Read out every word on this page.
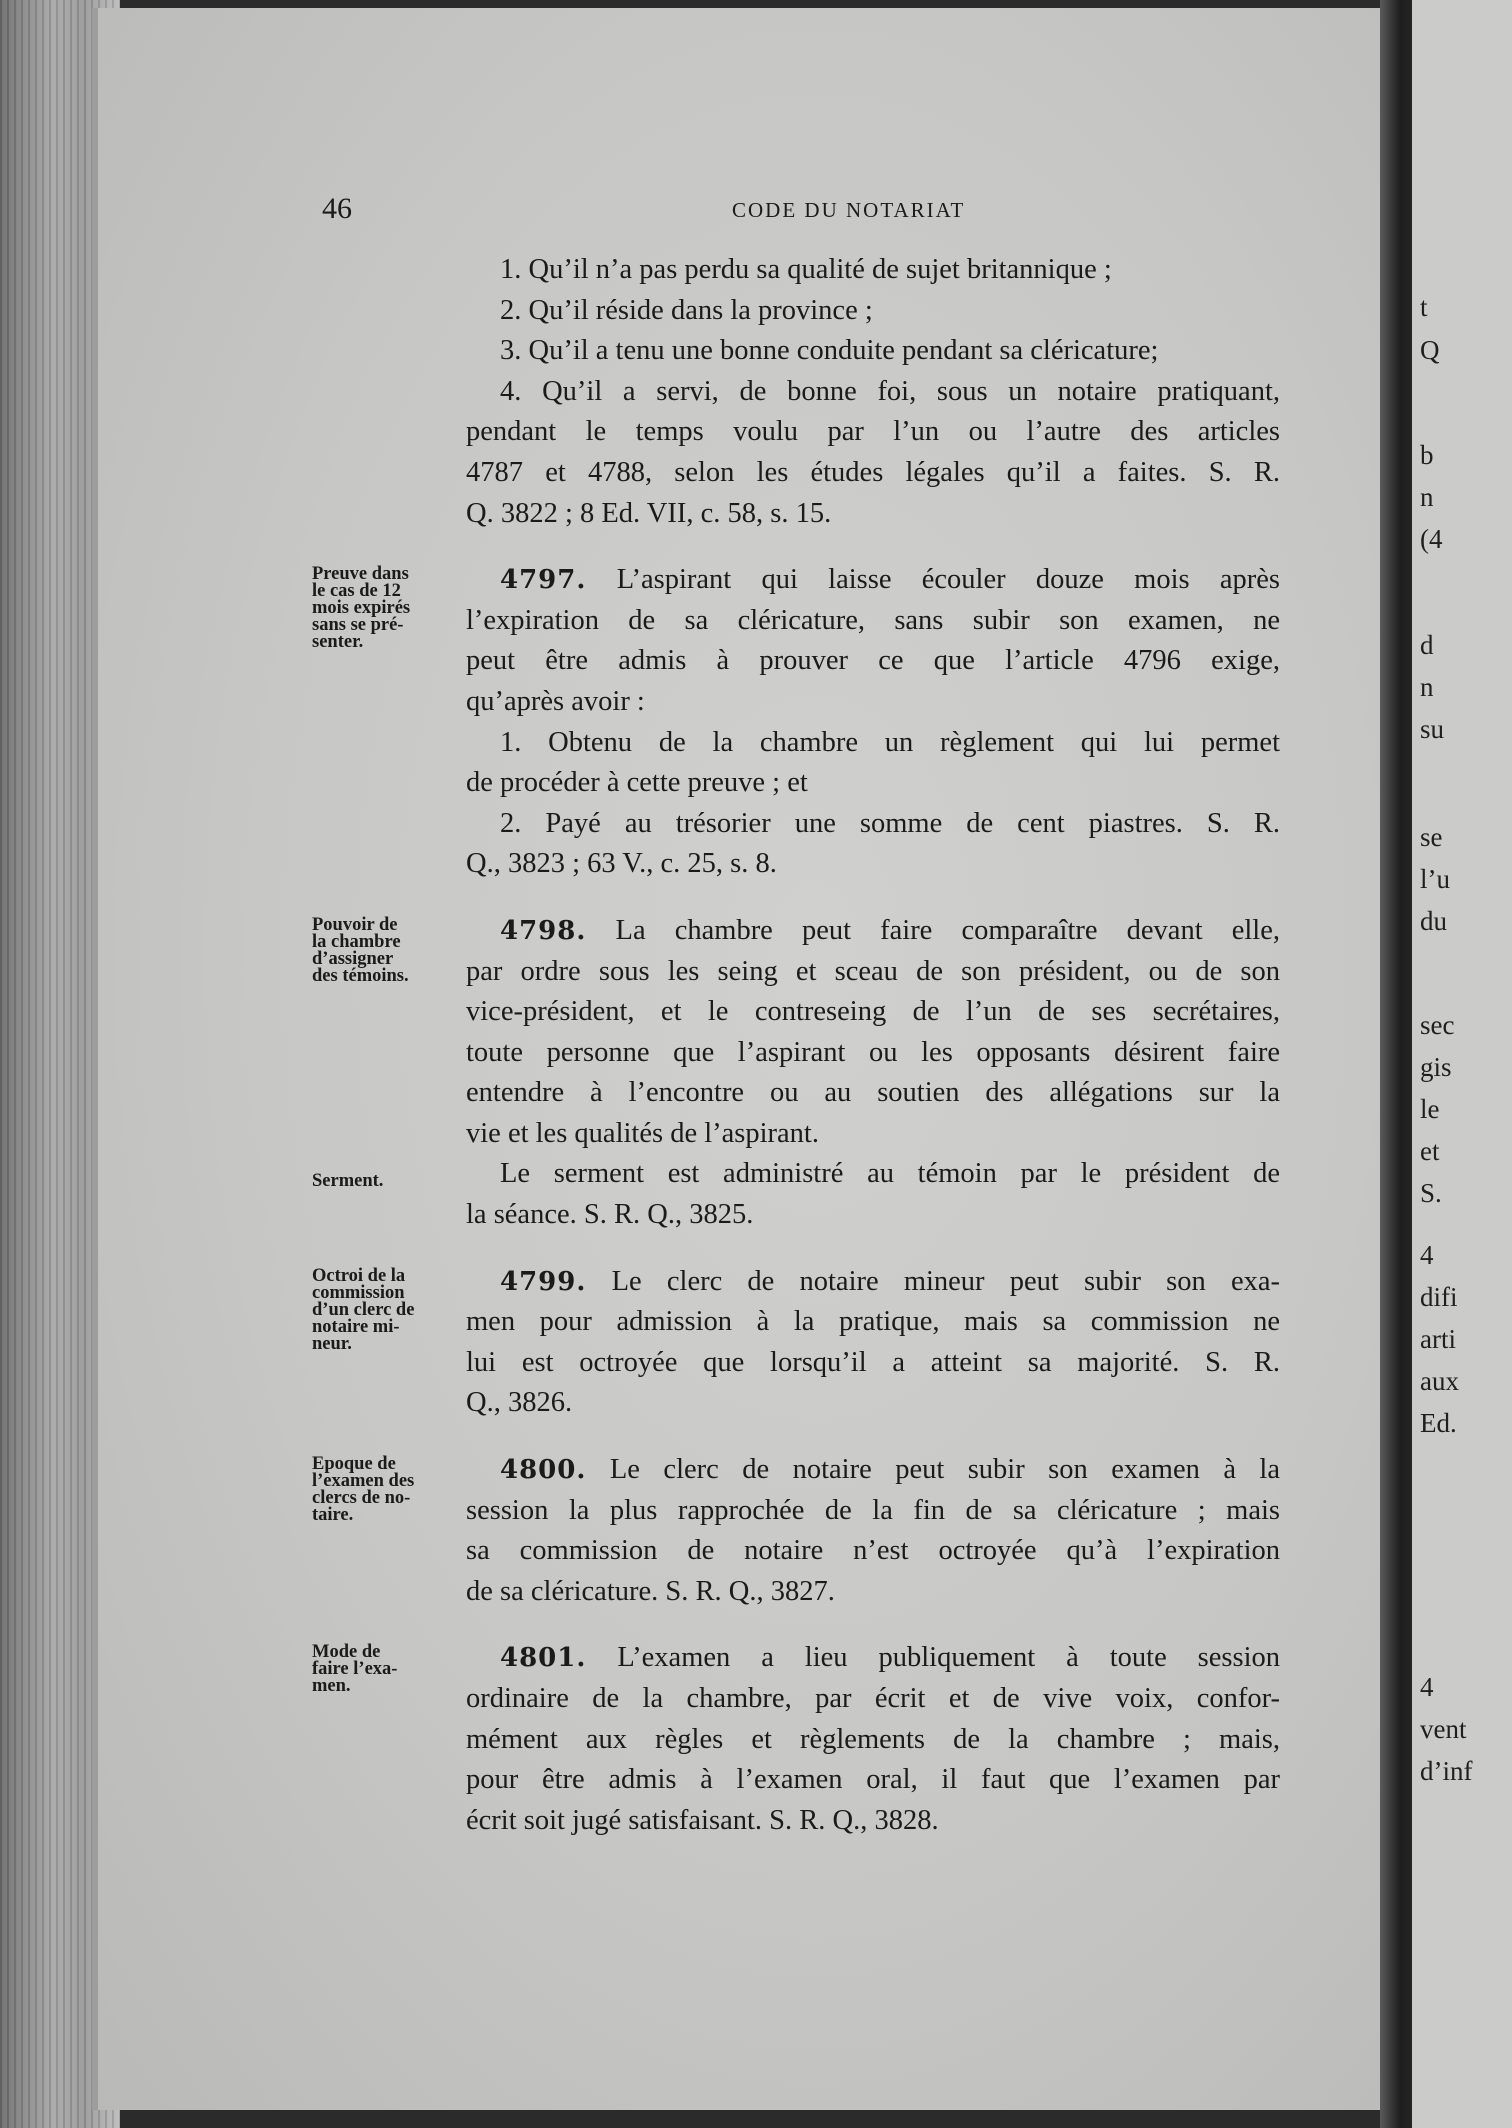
t
Q
b
n
(4
d
n
su
se
l’u
du
sec
gis
le
et
S.
4
difi
arti
aux
Ed.
4
vent
d’inf
46	CODE DU NOTARIAT
1. Qu’il n’a pas perdu sa qualité de sujet britannique ;
2. Qu’il réside dans la province ;
3. Qu’il a tenu une bonne conduite pendant sa cléricature;
4. Qu’il a servi, de bonne foi, sous un notaire pratiquant,
pendant le temps voulu par l’un ou l’autre des articles
4787 et 4788, selon les études légales qu’il a faites. S. R.
Q. 3822 ; 8 Ed. VII, c. 58, s. 15.
Preuve dans
le cas de 12
mois expirés
sans se pré-
senter.
4797. L’aspirant qui laisse écouler douze mois après
l’expiration de sa cléricature, sans subir son examen, ne
peut être admis à prouver ce que l’article 4796 exige,
qu’après avoir :
1. Obtenu de la chambre un règlement qui lui permet
de procéder à cette preuve ; et
2. Payé au trésorier une somme de cent piastres. S. R.
Q., 3823 ; 63 V., c. 25, s. 8.
Pouvoir de
la chambre
d’assigner
des témoins.
4798. La chambre peut faire comparaître devant elle,
par ordre sous les seing et sceau de son président, ou de son
vice-président, et le contreseing de l’un de ses secrétaires,
toute personne que l’aspirant ou les opposants désirent faire
entendre à l’encontre ou au soutien des allégations sur la
vie et les qualités de l’aspirant.
Serment.	Le serment est administré au témoin par le président de
la séance. S. R. Q., 3825.
Octroi de la
commission
d’un clerc de
notaire mi-
neur.
4799. Le clerc de notaire mineur peut subir son exa-
men pour admission à la pratique, mais sa commission ne
lui est octroyée que lorsqu’il a atteint sa majorité. S. R.
Q., 3826.
Epoque de
l’examen des
clercs de no-
taire.
4800. Le clerc de notaire peut subir son examen à la
session la plus rapprochée de la fin de sa cléricature ; mais
sa commission de notaire n’est octroyée qu’à l’expiration
de sa cléricature. S. R. Q., 3827.
Mode de
faire l’exa-
men.
4801. L’examen a lieu publiquement à toute session
ordinaire de la chambre, par écrit et de vive voix, confor-
mément aux règles et règlements de la chambre ; mais,
pour être admis à l’examen oral, il faut que l’examen par
écrit soit jugé satisfaisant. S. R. Q., 3828.
